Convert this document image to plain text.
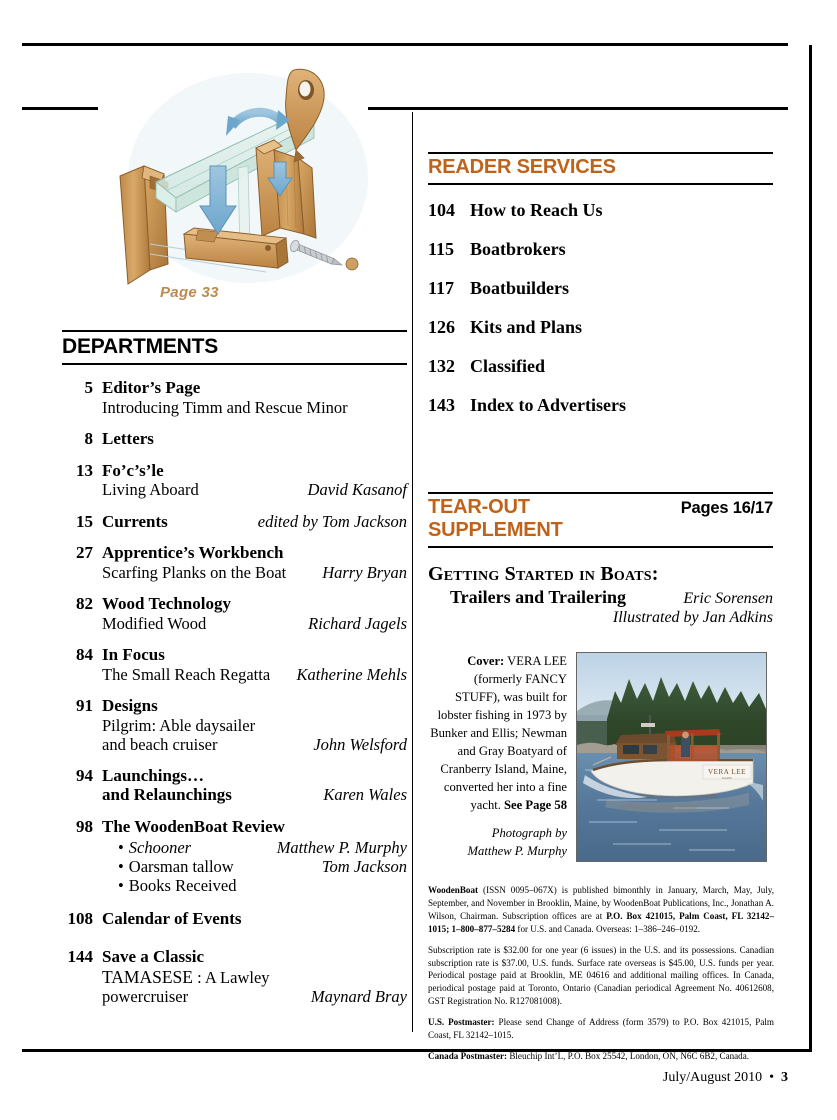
Page 33
DEPARTMENTS
5 Editor’s Page
Introducing Timm and Rescue Minor
8 Letters
13 Fo’c’s’le
Living Aboard	David Kasanof
15 Currents	edited by Tom Jackson
27 Apprentice’s Workbench
Scarfing Planks on the Boat	Harry Bryan
82 Wood Technology
Modified Wood	Richard Jagels
84 In Focus
The Small Reach Regatta	Katherine Mehls
91 Designs
Pilgrim: Able daysailer
and beach cruiser	John Welsford
94 Launchings…
and Relaunchings	Karen Wales
98 The WoodenBoat Review
• Schooner	Matthew P. Murphy
• Oarsman tallow	Tom Jackson
• Books Received
108 Calendar of Events
144 Save a Classic
TAMASESE : A Lawley
powercruiser	Maynard Bray
READER SERVICES
104 How to Reach Us
115 Boatbrokers
117 Boatbuilders
126 Kits and Plans
132 Classified
143 Index to Advertisers
TEAR-OUT SUPPLEMENT
Pages 16/17
Getting Started in Boats:
Trailers and Trailering	Eric Sorensen
Illustrated by Jan Adkins
Cover: VERA LEE (formerly FANCY STUFF), was built for lobster fishing in 1973 by Bunker and Ellis; Newman and Gray Boatyard of Cranberry Island, Maine, converted her into a fine yacht. See Page 58
Photograph by
Matthew P. Murphy
VERA LEE
MAINE

WoodenBoat (ISSN 0095–067X) is published bimonthly in January, March, May, July, September, and November in Brooklin, Maine, by WoodenBoat Publications, Inc., Jonathan A. Wilson, Chairman. Subscription offices are at P.O. Box 421015, Palm Coast, FL 32142–1015; 1–800–877–5284 for U.S. and Canada. Overseas: 1–386–246–0192.

Subscription rate is $32.00 for one year (6 issues) in the U.S. and its possessions. Canadian subscription rate is $37.00, U.S. funds. Surface rate overseas is $45.00, U.S. funds per year. Periodical postage paid at Brooklin, ME 04616 and additional mailing offices. In Canada, periodical postage paid at Toronto, Ontario (Canadian periodical Agreement No. 40612608, GST Registration No. R127081008).

U.S. Postmaster: Please send Change of Address (form 3579) to P.O. Box 421015, Palm Coast, FL 32142–1015.

Canada Postmaster: Bleuchip Int’L, P.O. Box 25542, London, ON, N6C 6B2, Canada.

July/August 2010 • 3
